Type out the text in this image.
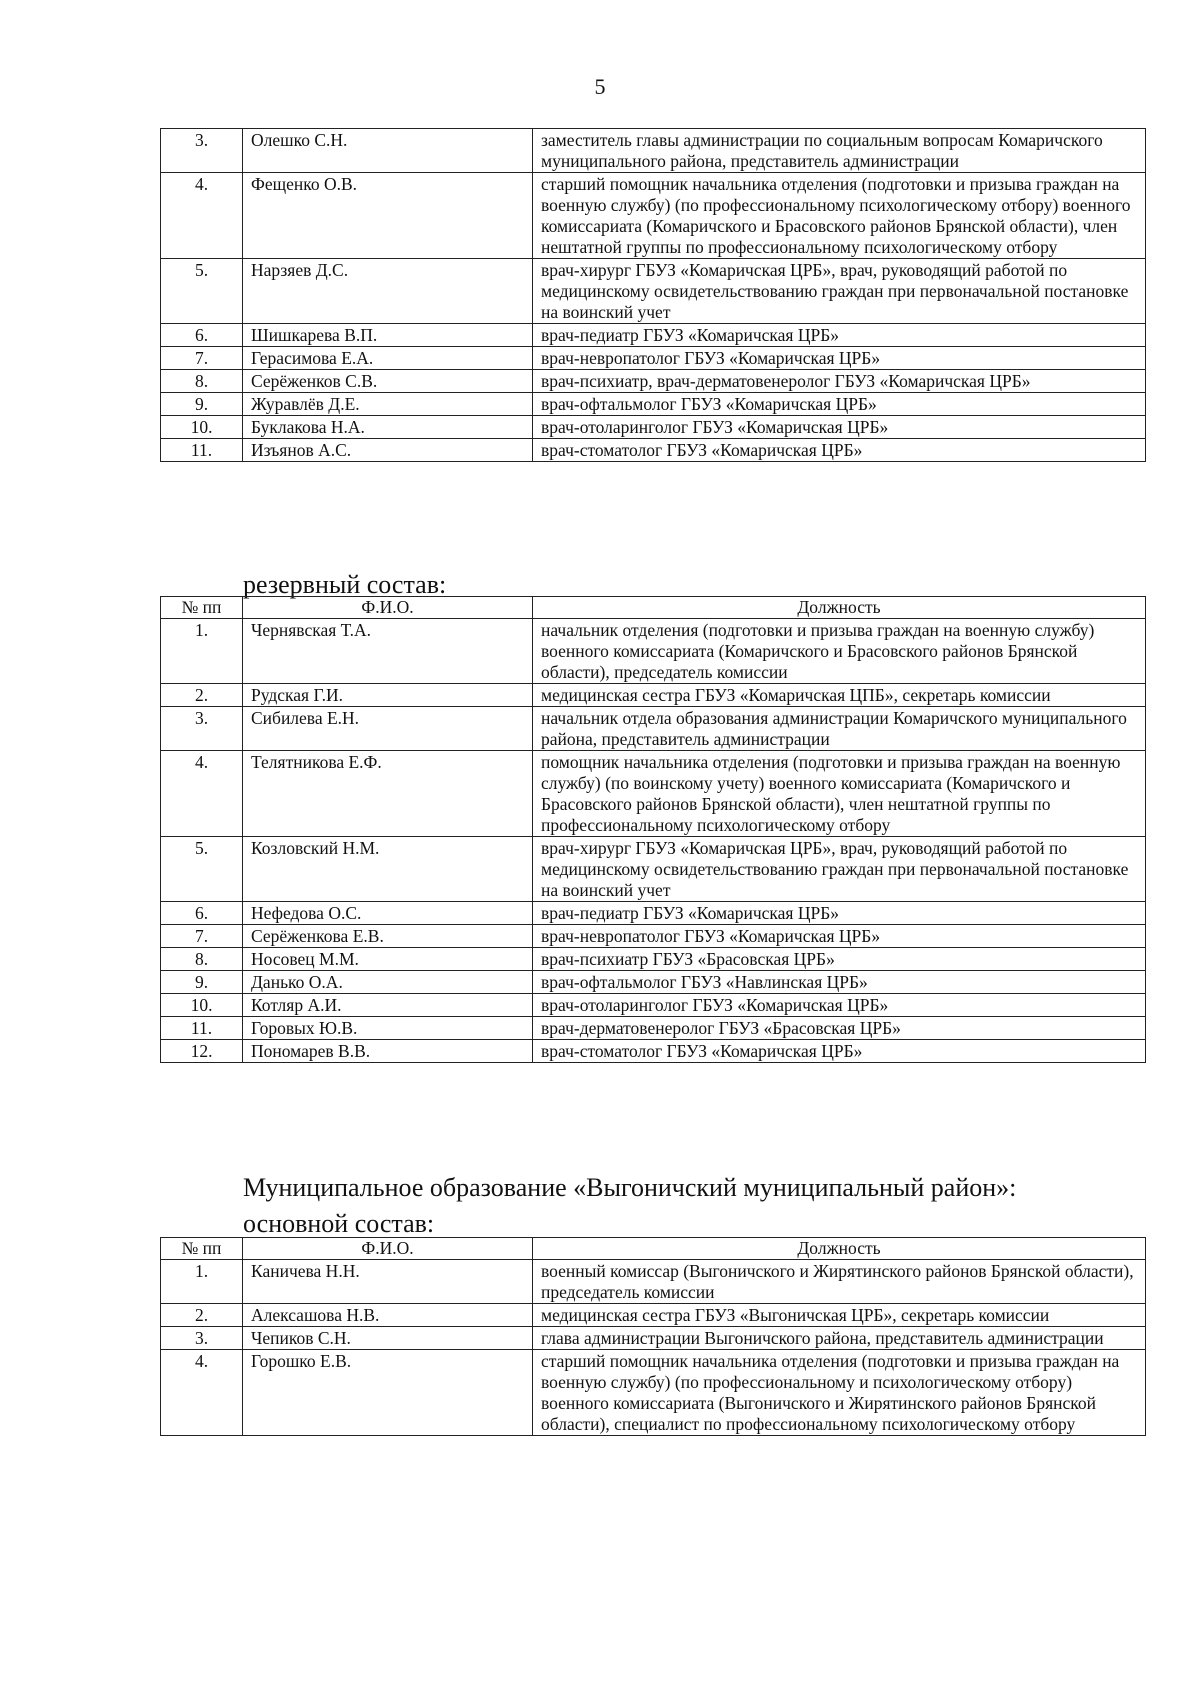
5
3.	Олешко С.Н.	заместитель главы администрации по социальным вопросам Комаричского муниципального района, представитель администрации
4.	Фещенко О.В.	старший помощник начальника отделения (подготовки и призыва граждан на военную службу) (по профессиональному психологическому отбору) военного комиссариата (Комаричского и Брасовского районов Брянской области), член нештатной группы по профессиональному психологическому отбору
5.	Нарзяев Д.С.	врач-хирург ГБУЗ «Комаричская ЦРБ», врач, руководящий работой по медицинскому освидетельствованию граждан при первоначальной постановке на воинский учет
6.	Шишкарева В.П.	врач-педиатр ГБУЗ «Комаричская ЦРБ»
7.	Герасимова Е.А.	врач-невропатолог ГБУЗ «Комаричская ЦРБ»
8.	Серёженков С.В.	врач-психиатр, врач-дерматовенеролог ГБУЗ «Комаричская ЦРБ»
9.	Журавлёв Д.Е.	врач-офтальмолог ГБУЗ «Комаричская ЦРБ»
10.	Буклакова Н.А.	врач-отоларинголог ГБУЗ «Комаричская ЦРБ»
11.	Изъянов А.С.	врач-стоматолог ГБУЗ «Комаричская ЦРБ»
резервный состав:
№ пп	Ф.И.О.	Должность
1.	Чернявская Т.А.	начальник отделения (подготовки и призыва граждан на военную службу) военного комиссариата (Комаричского и Брасовского районов Брянской области), председатель комиссии
2.	Рудская Г.И.	медицинская сестра ГБУЗ «Комаричская ЦПБ», секретарь комиссии
3.	Сибилева Е.Н.	начальник отдела образования администрации Комаричского муниципального района, представитель администрации
4.	Телятникова Е.Ф.	помощник начальника отделения (подготовки и призыва граждан на военную службу) (по воинскому учету) военного комиссариата (Комаричского и Брасовского районов Брянской области), член нештатной группы по профессиональному психологическому отбору
5.	Козловский Н.М.	врач-хирург ГБУЗ «Комаричская ЦРБ», врач, руководящий работой по медицинскому освидетельствованию граждан при первоначальной постановке на воинский учет
6.	Нефедова О.С.	врач-педиатр ГБУЗ «Комаричская ЦРБ»
7.	Серёженкова Е.В.	врач-невропатолог ГБУЗ «Комаричская ЦРБ»
8.	Носовец М.М.	врач-психиатр ГБУЗ «Брасовская ЦРБ»
9.	Данько О.А.	врач-офтальмолог ГБУЗ «Навлинская ЦРБ»
10.	Котляр А.И.	врач-отоларинголог ГБУЗ «Комаричская ЦРБ»
11.	Горовых Ю.В.	врач-дерматовенеролог ГБУЗ «Брасовская ЦРБ»
12.	Пономарев В.В.	врач-стоматолог ГБУЗ «Комаричская ЦРБ»
Муниципальное образование «Выгоничский муниципальный район»:
основной состав:
№ пп	Ф.И.О.	Должность
1.	Каничева Н.Н.	военный комиссар (Выгоничского и Жирятинского районов Брянской области), председатель комиссии
2.	Алексашова Н.В.	медицинская сестра ГБУЗ «Выгоничская ЦРБ», секретарь комиссии
3.	Чепиков С.Н.	глава администрации Выгоничского района, представитель администрации
4.	Горошко Е.В.	старший помощник начальника отделения (подготовки и призыва граждан на военную службу) (по профессиональному и психологическому отбору) военного комиссариата (Выгоничского и Жирятинского районов Брянской области), специалист по профессиональному психологическому отбору
